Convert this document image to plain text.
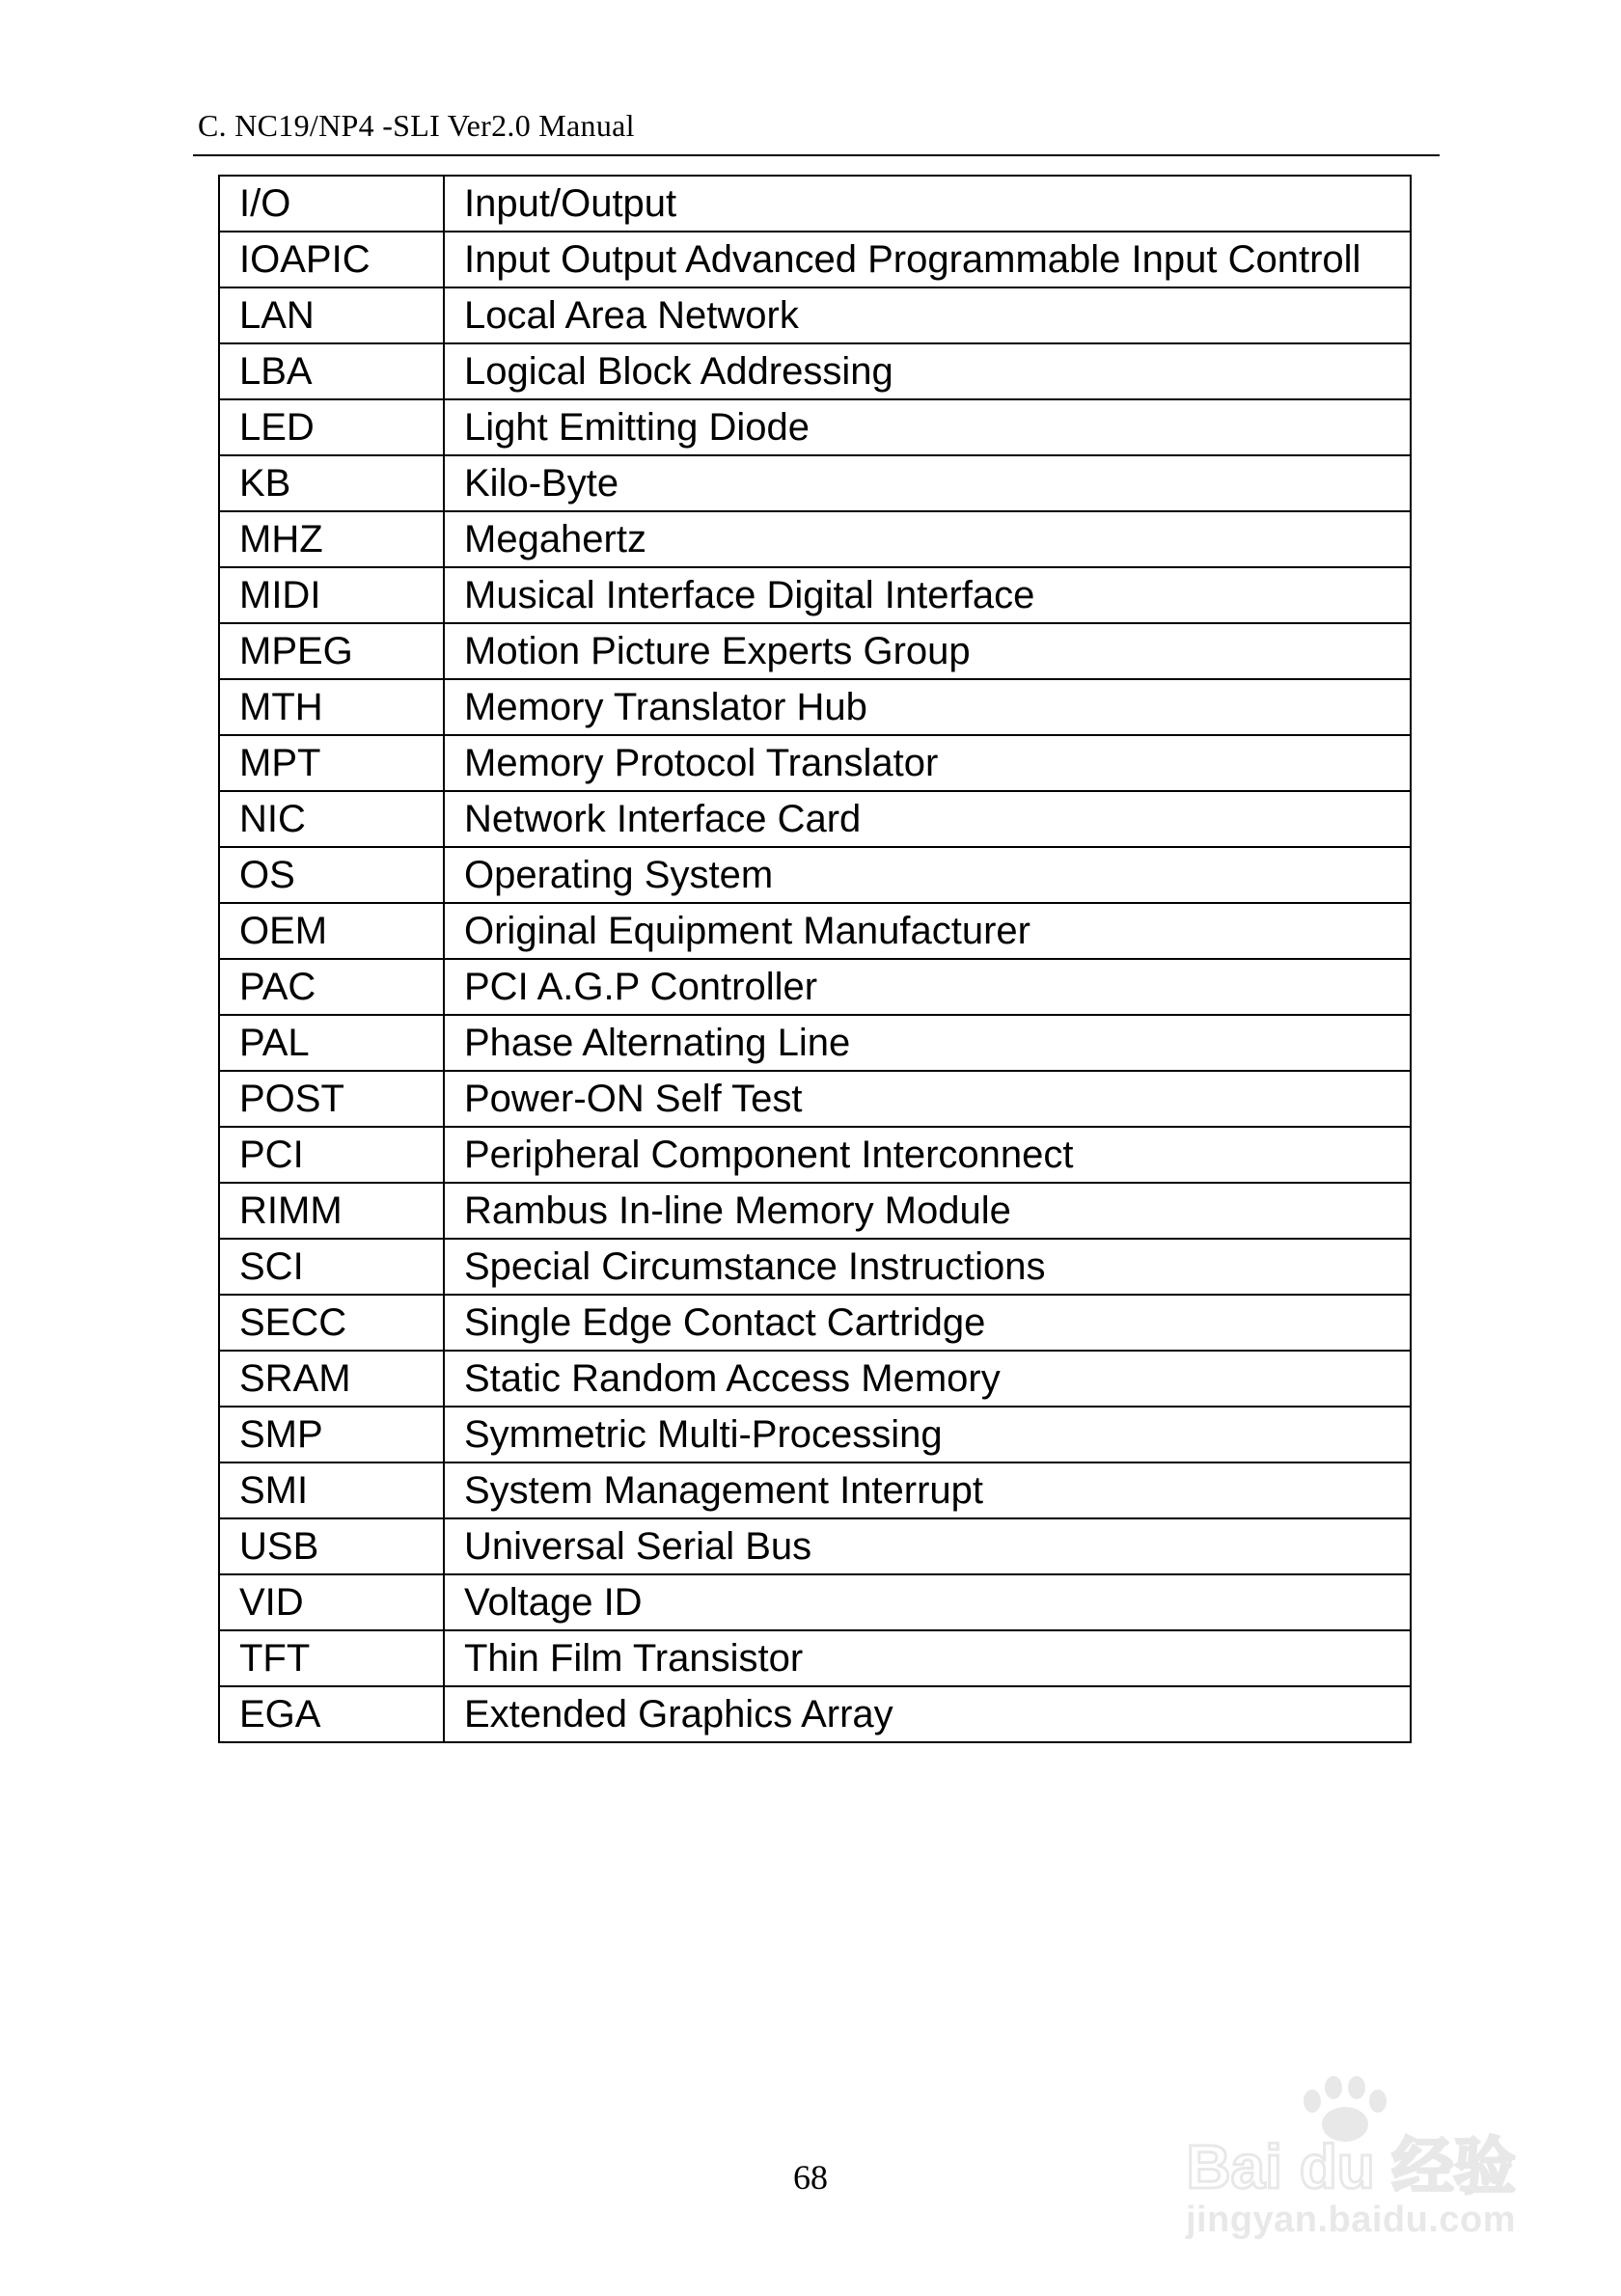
C. NC19/NP4 -SLI Ver2.0 Manual
I/O	Input/Output
IOAPIC	Input Output Advanced Programmable Input Controll
LAN	Local Area Network
LBA	Logical Block Addressing
LED	Light Emitting Diode
KB	Kilo-Byte
MHZ	Megahertz
MIDI	Musical Interface Digital Interface
MPEG	Motion Picture Experts Group
MTH	Memory Translator Hub
MPT	Memory Protocol Translator
NIC	Network Interface Card
OS	Operating System
OEM	Original Equipment Manufacturer
PAC	PCI A.G.P Controller
PAL	Phase Alternating Line
POST	Power-ON Self Test
PCI	Peripheral Component Interconnect
RIMM	Rambus In-line Memory Module
SCI	Special Circumstance Instructions
SECC	Single Edge Contact Cartridge
SRAM	Static Random Access Memory
SMP	Symmetric Multi-Processing
SMI	System Management Interrupt
USB	Universal Serial Bus
VID	Voltage ID
TFT	Thin Film Transistor
EGA	Extended Graphics Array
68	Bai du 经验
jingyan.baidu.com
